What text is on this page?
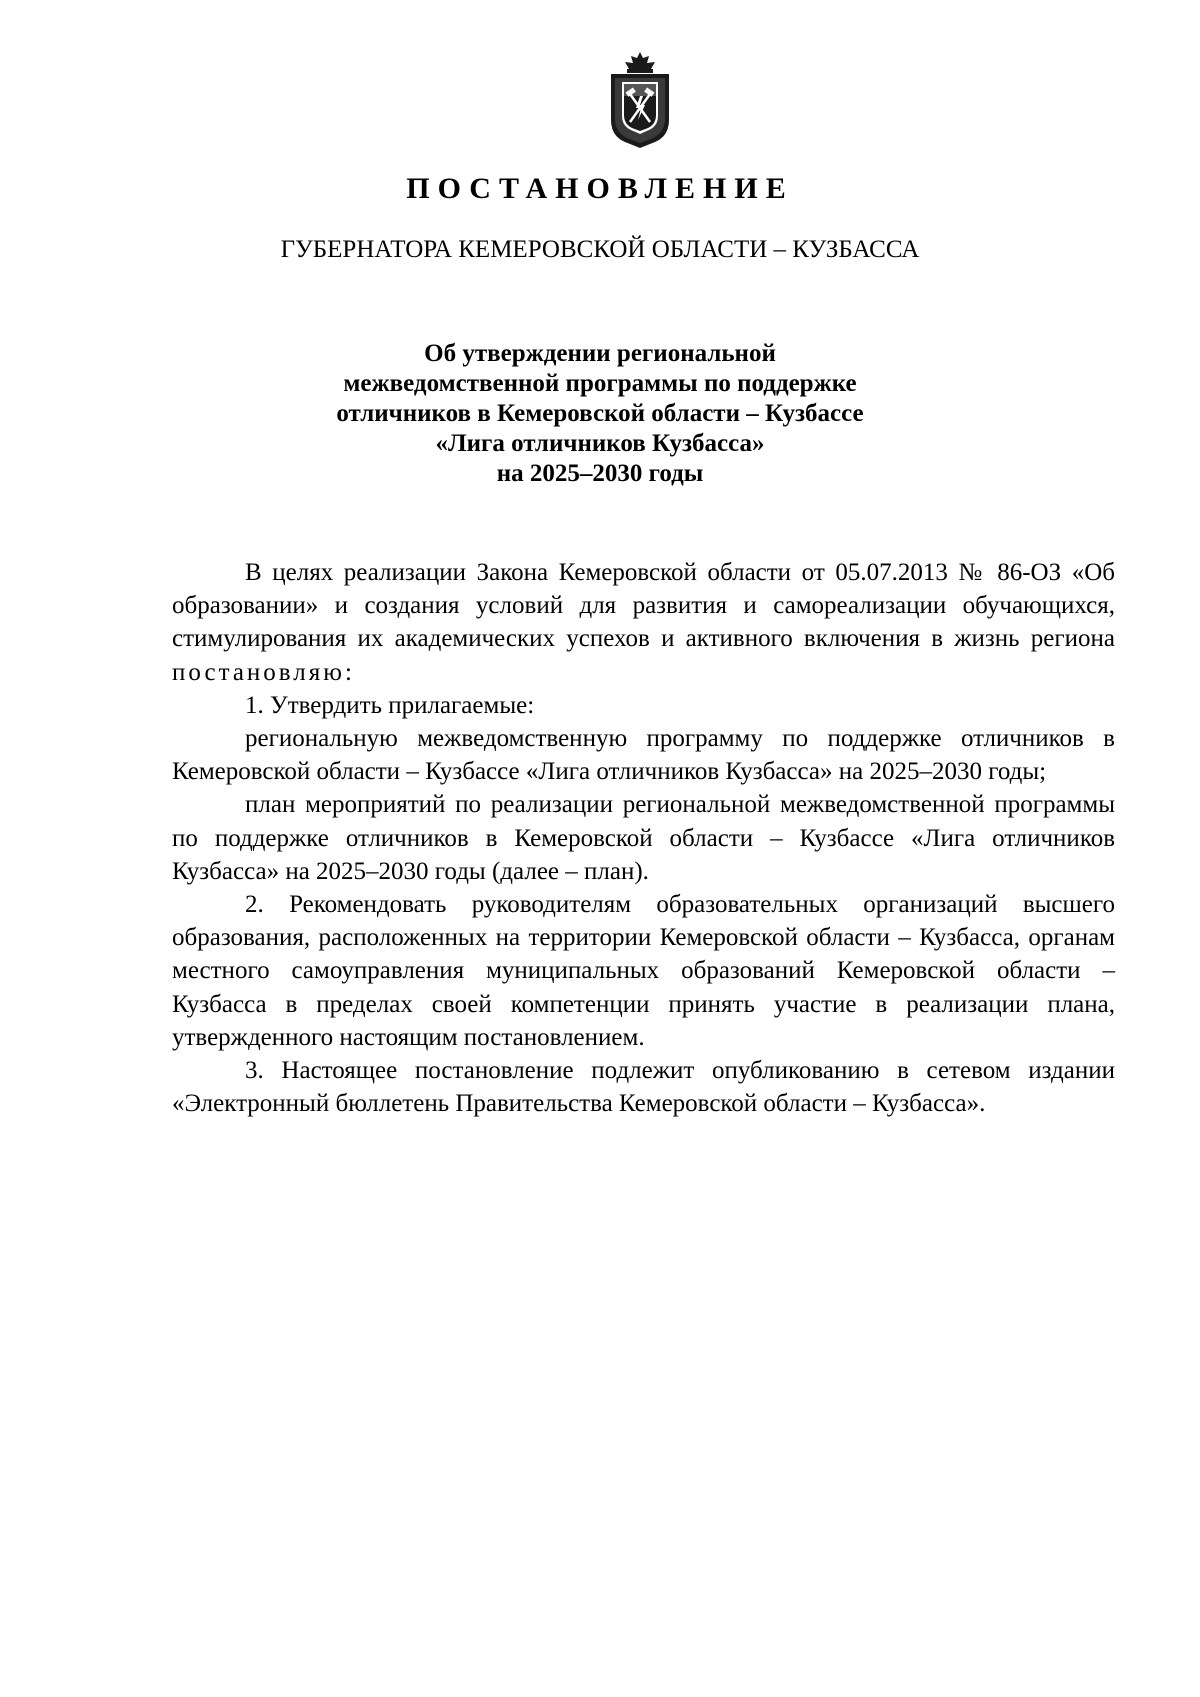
ПОСТАНОВЛЕНИЕ
ГУБЕРНАТОРА КЕМЕРОВСКОЙ ОБЛАСТИ – КУЗБАССА
Об утверждении региональной
межведомственной программы по поддержке
отличников в Кемеровской области – Кузбассе
«Лига отличников Кузбасса»
на 2025–2030 годы

В целях реализации Закона Кемеровской области от 05.07.2013 № 86-ОЗ «Об образовании» и создания условий для развития и самореализации обучающихся, стимулирования их академических успехов и активного включения в жизнь региона постановляю:

1. Утвердить прилагаемые:

региональную межведомственную программу по поддержке отличников в Кемеровской области – Кузбассе «Лига отличников Кузбасса» на 2025–2030 годы;

план мероприятий по реализации региональной межведомственной программы по поддержке отличников в Кемеровской области – Кузбассе «Лига отличников Кузбасса» на 2025–2030 годы (далее – план).

2. Рекомендовать руководителям образовательных организаций высшего образования, расположенных на территории Кемеровской области – Кузбасса, органам местного самоуправления муниципальных образований Кемеровской области – Кузбасса в пределах своей компетенции принять участие в реализации плана, утвержденного настоящим постановлением.

3. Настоящее постановление подлежит опубликованию в сетевом издании «Электронный бюллетень Правительства Кемеровской области – Кузбасса».
